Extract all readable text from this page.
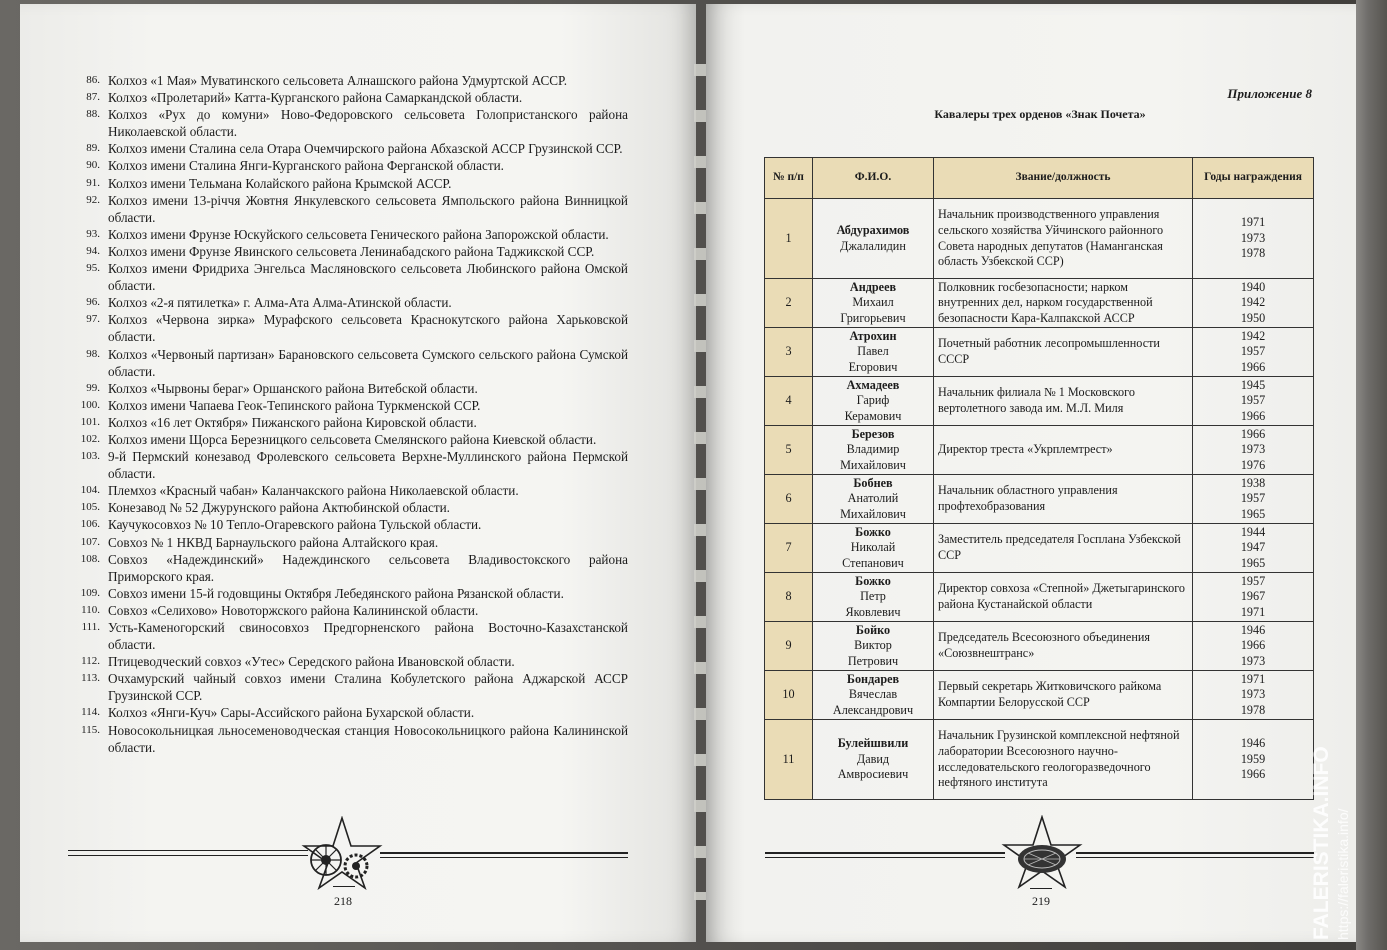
86. Колхоз «1 Мая» Муватинского сельсовета Алнашского района Удмуртской АССР.
87. Колхоз «Пролетарий» Катта-Курганского района Самаркандской области.
88. Колхоз «Рух до комуни» Ново-Федоровского сельсовета Голопристанского района Николаевской области.
89. Колхоз имени Сталина села Отара Очемчирского района Абхазской АССР Грузинской ССР.
90. Колхоз имени Сталина Янги-Курганского района Ферганской области.
91. Колхоз имени Тельмана Колайского района Крымской АССР.
92. Колхоз имени 13-річчя Жовтня Янкулевского сельсовета Ямпольского района Винницкой области.
93. Колхоз имени Фрунзе Юскуйского сельсовета Генического района Запорожской области.
94. Колхоз имени Фрунзе Явинского сельсовета Ленинабадского района Таджикской ССР.
95. Колхоз имени Фридриха Энгельса Масляновского сельсовета Любинского района Омской области.
96. Колхоз «2-я пятилетка» г. Алма-Ата Алма-Атинской области.
97. Колхоз «Червона зирка» Мурафского сельсовета Краснокутского района Харьковской области.
98. Колхоз «Червоный партизан» Барановского сельсовета Сумского сельского района Сумской области.
99. Колхоз «Чырвоны бераг» Оршанского района Витебской области.
100. Колхоз имени Чапаева Геок-Тепинского района Туркменской ССР.
101. Колхоз «16 лет Октября» Пижанского района Кировской области.
102. Колхоз имени Щорса Березницкого сельсовета Смелянского района Киевской области.
103. 9-й Пермский конезавод Фролевского сельсовета Верхне-Муллинского района Пермской области.
104. Племхоз «Красный чабан» Каланчакского района Николаевской области.
105. Конезавод № 52 Джурунского района Актюбинской области.
106. Каучукосовхоз № 10 Тепло-Огаревского района Тульской области.
107. Совхоз № 1 НКВД Барнаульского района Алтайского края.
108. Совхоз «Надеждинский» Надеждинского сельсовета Владивостокского района Приморского края.
109. Совхоз имени 15-й годовщины Октября Лебедянского района Рязанской области.
110. Совхоз «Селихово» Новоторжского района Калининской области.
111. Усть-Каменогорский свиносовхоз Предгорненского района Восточно-Казахстанской области.
112. Птицеводческий совхоз «Утес» Середского района Ивановской области.
113. Очхамурский чайный совхоз имени Сталина Кобулетского района Аджарской АССР Грузинской ССР.
114. Колхоз «Янги-Куч» Сары-Ассийского района Бухарской области.
115. Новосокольницкая льносеменоводческая станция Новосокольницкого района Калининской области.
218
Приложение 8
Кавалеры трех орденов «Знак Почета»
№ п/п	Ф.И.О.	Звание/должность	Годы награждения
1	Абдурахимов
Джалалидин	Начальник производственного управления сельского хозяйства Уйчинского районного Совета народных депутатов (Наманганская область Узбекской ССР)	1971
1973
1978

2	Андреев
Михаил
Григорьевич	Полковник госбезопасности; нарком внутренних дел, нарком государственной безопасности Кара-Калпакской АССР	1940
1942
1950

3	Атрохин
Павел
Егорович	Почетный работник лесопромышленности СССР	1942
1957
1966

4	Ахмадеев
Гариф
Керамович	Начальник филиала № 1 Московского вертолетного завода им. М.Л. Миля	1945
1957
1966

5	Березов
Владимир
Михайлович	Директор треста «Укрплемтрест»	1966
1973
1976

6	Бобнев
Анатолий
Михайлович	Начальник областного управления профтехобразования	1938
1957
1965

7	Божко
Николай
Степанович	Заместитель председателя Госплана Узбекской ССР	1944
1947
1965

8	Божко
Петр
Яковлевич	Директор совхоза «Степной» Джетыгаринского района Кустанайской области	1957
1967
1971

9	Бойко
Виктор
Петрович	Председатель Всесоюзного объединения «Союзвнештранс»	1946
1966
1973

10	Бондарев
Вячеслав
Александрович	Первый секретарь Житковичского райкома Компартии Белорусской ССР	1971
1973
1978

11	Булейшвили
Давид
Амвросиевич	Начальник Грузинской комплексной нефтяной лаборатории Всесоюзного научно-исследовательского геологоразведочного нефтяного института	1946
1959
1966
219	FALERISTIKA.INFO https://faleristika.info/
